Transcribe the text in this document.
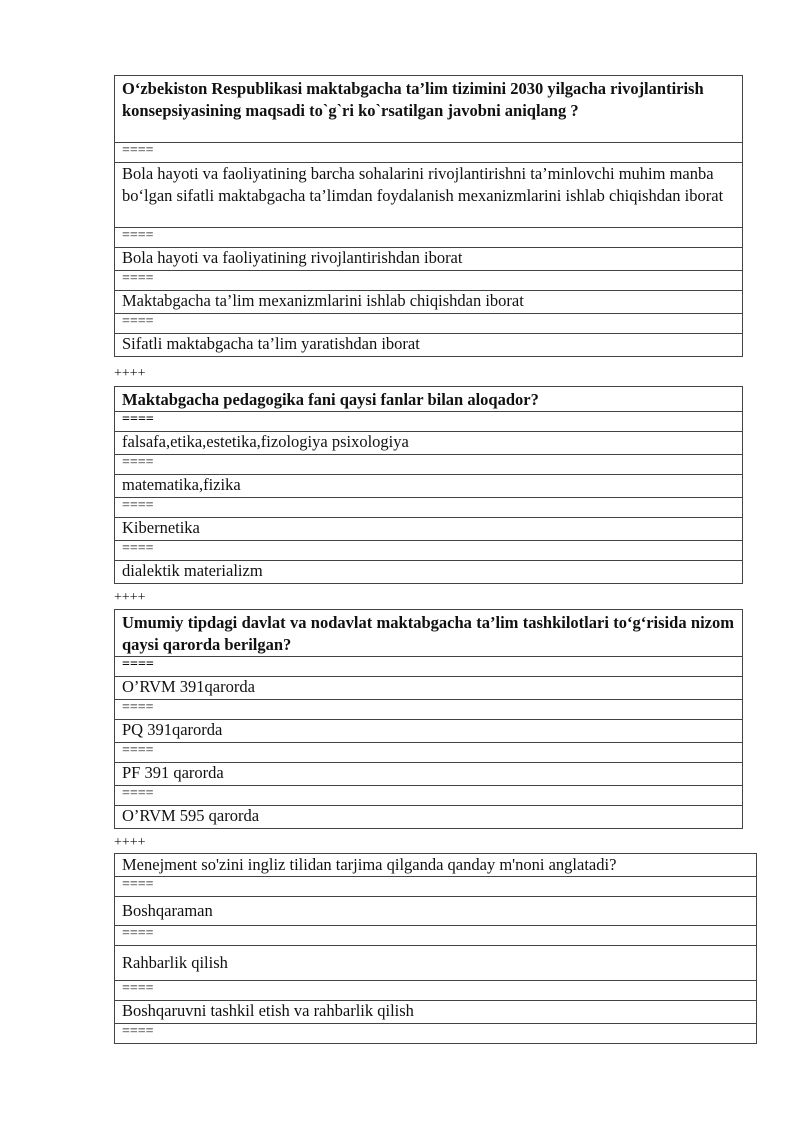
O‘zbekiston Respublikasi maktabgacha ta’lim tizimini 2030 yilgacha rivojlantirish konsepsiyasining maqsadi to`g`ri ko`rsatilgan javobni aniqlang ?
====
Bola hayoti va faoliyatining barcha sohalarini rivojlantirishni ta’minlovchi muhim manba bo‘lgan sifatli maktabgacha ta’limdan foydalanish mexanizmlarini ishlab chiqishdan iborat
====
Bola hayoti va faoliyatining rivojlantirishdan iborat
====
Maktabgacha ta’lim mexanizmlarini ishlab chiqishdan iborat
====
Sifatli maktabgacha ta’lim yaratishdan iborat
++++
Maktabgacha pedagogika fani qaysi fanlar bilan aloqador?
====
falsafa,etika,estetika,fizologiya psixologiya
====
matematika,fizika
====
Kibernetika
====
dialektik materializm
++++
Umumiy tipdagi davlat va nodavlat maktabgacha ta’lim tashkilotlari to‘g‘risida nizom qaysi qarorda berilgan?
====
O’RVM 391qarorda
====
PQ 391qarorda
====
PF 391 qarorda
====
O’RVM 595 qarorda
++++
Menejment so'zini ingliz tilidan tarjima qilganda qanday m'noni anglatadi?
====
Boshqaraman
====
Rahbarlik qilish
====
Boshqaruvni tashkil etish va rahbarlik qilish
====
